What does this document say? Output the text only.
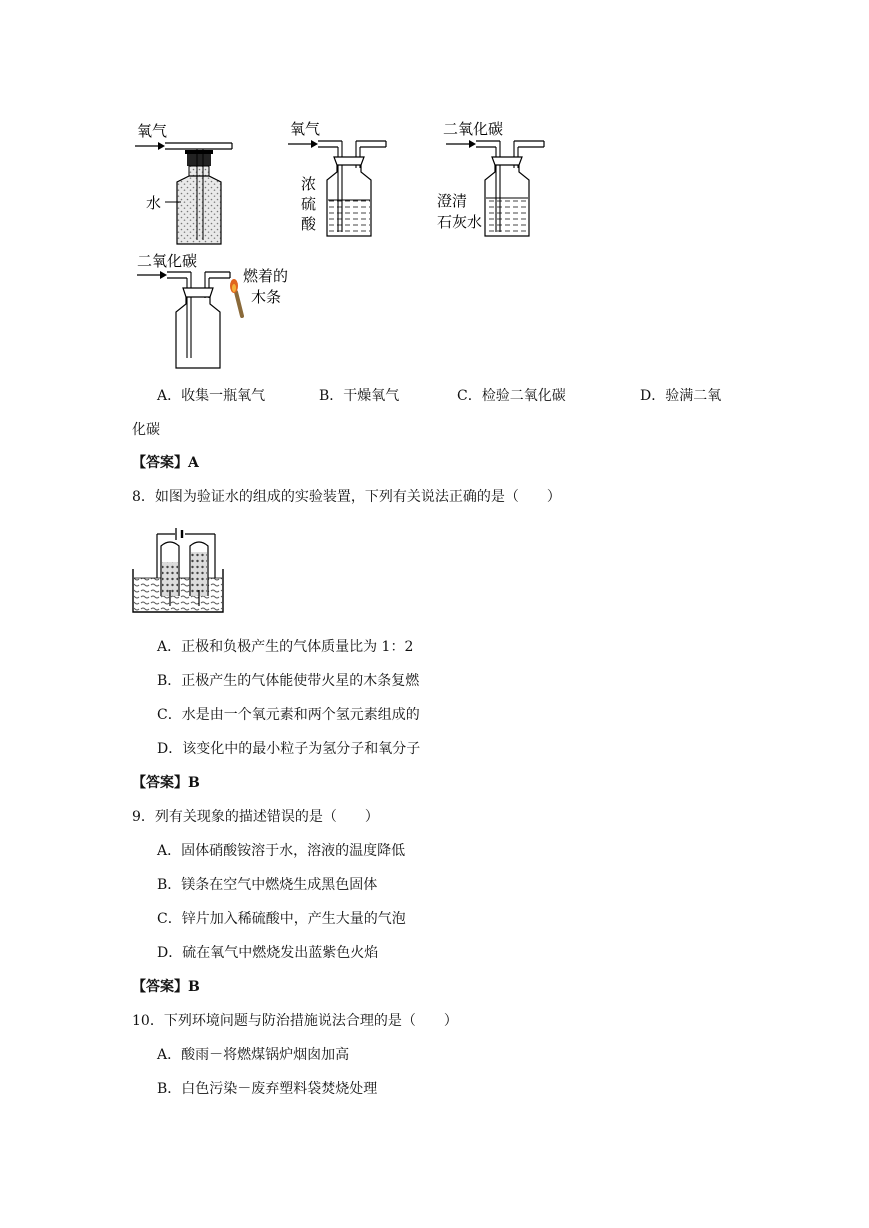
氧气
水
氧气
浓
硫
酸
二氧化碳
澄清
石灰水
二氧化碳
燃着的
木条
A．收集一瓶氧气	B．干燥氧气	C．检验二氧化碳	D．验满二氧
化碳
【答案】A
8．如图为验证水的组成的实验装置，下列有关说法正确的是（　　）
A．正极和负极产生的气体质量比为 1：2
B．正极产生的气体能使带火星的木条复燃
C．水是由一个氧元素和两个氢元素组成的
D．该变化中的最小粒子为氢分子和氧分子
【答案】B
9．列有关现象的描述错误的是（　　）
A．固体硝酸铵溶于水，溶液的温度降低
B．镁条在空气中燃烧生成黑色固体
C．锌片加入稀硫酸中，产生大量的气泡
D．硫在氧气中燃烧发出蓝紫色火焰
【答案】B
10．下列环境问题与防治措施说法合理的是（　　）
A．酸雨－将燃煤锅炉烟囱加高
B．白色污染－废弃塑料袋焚烧处理
